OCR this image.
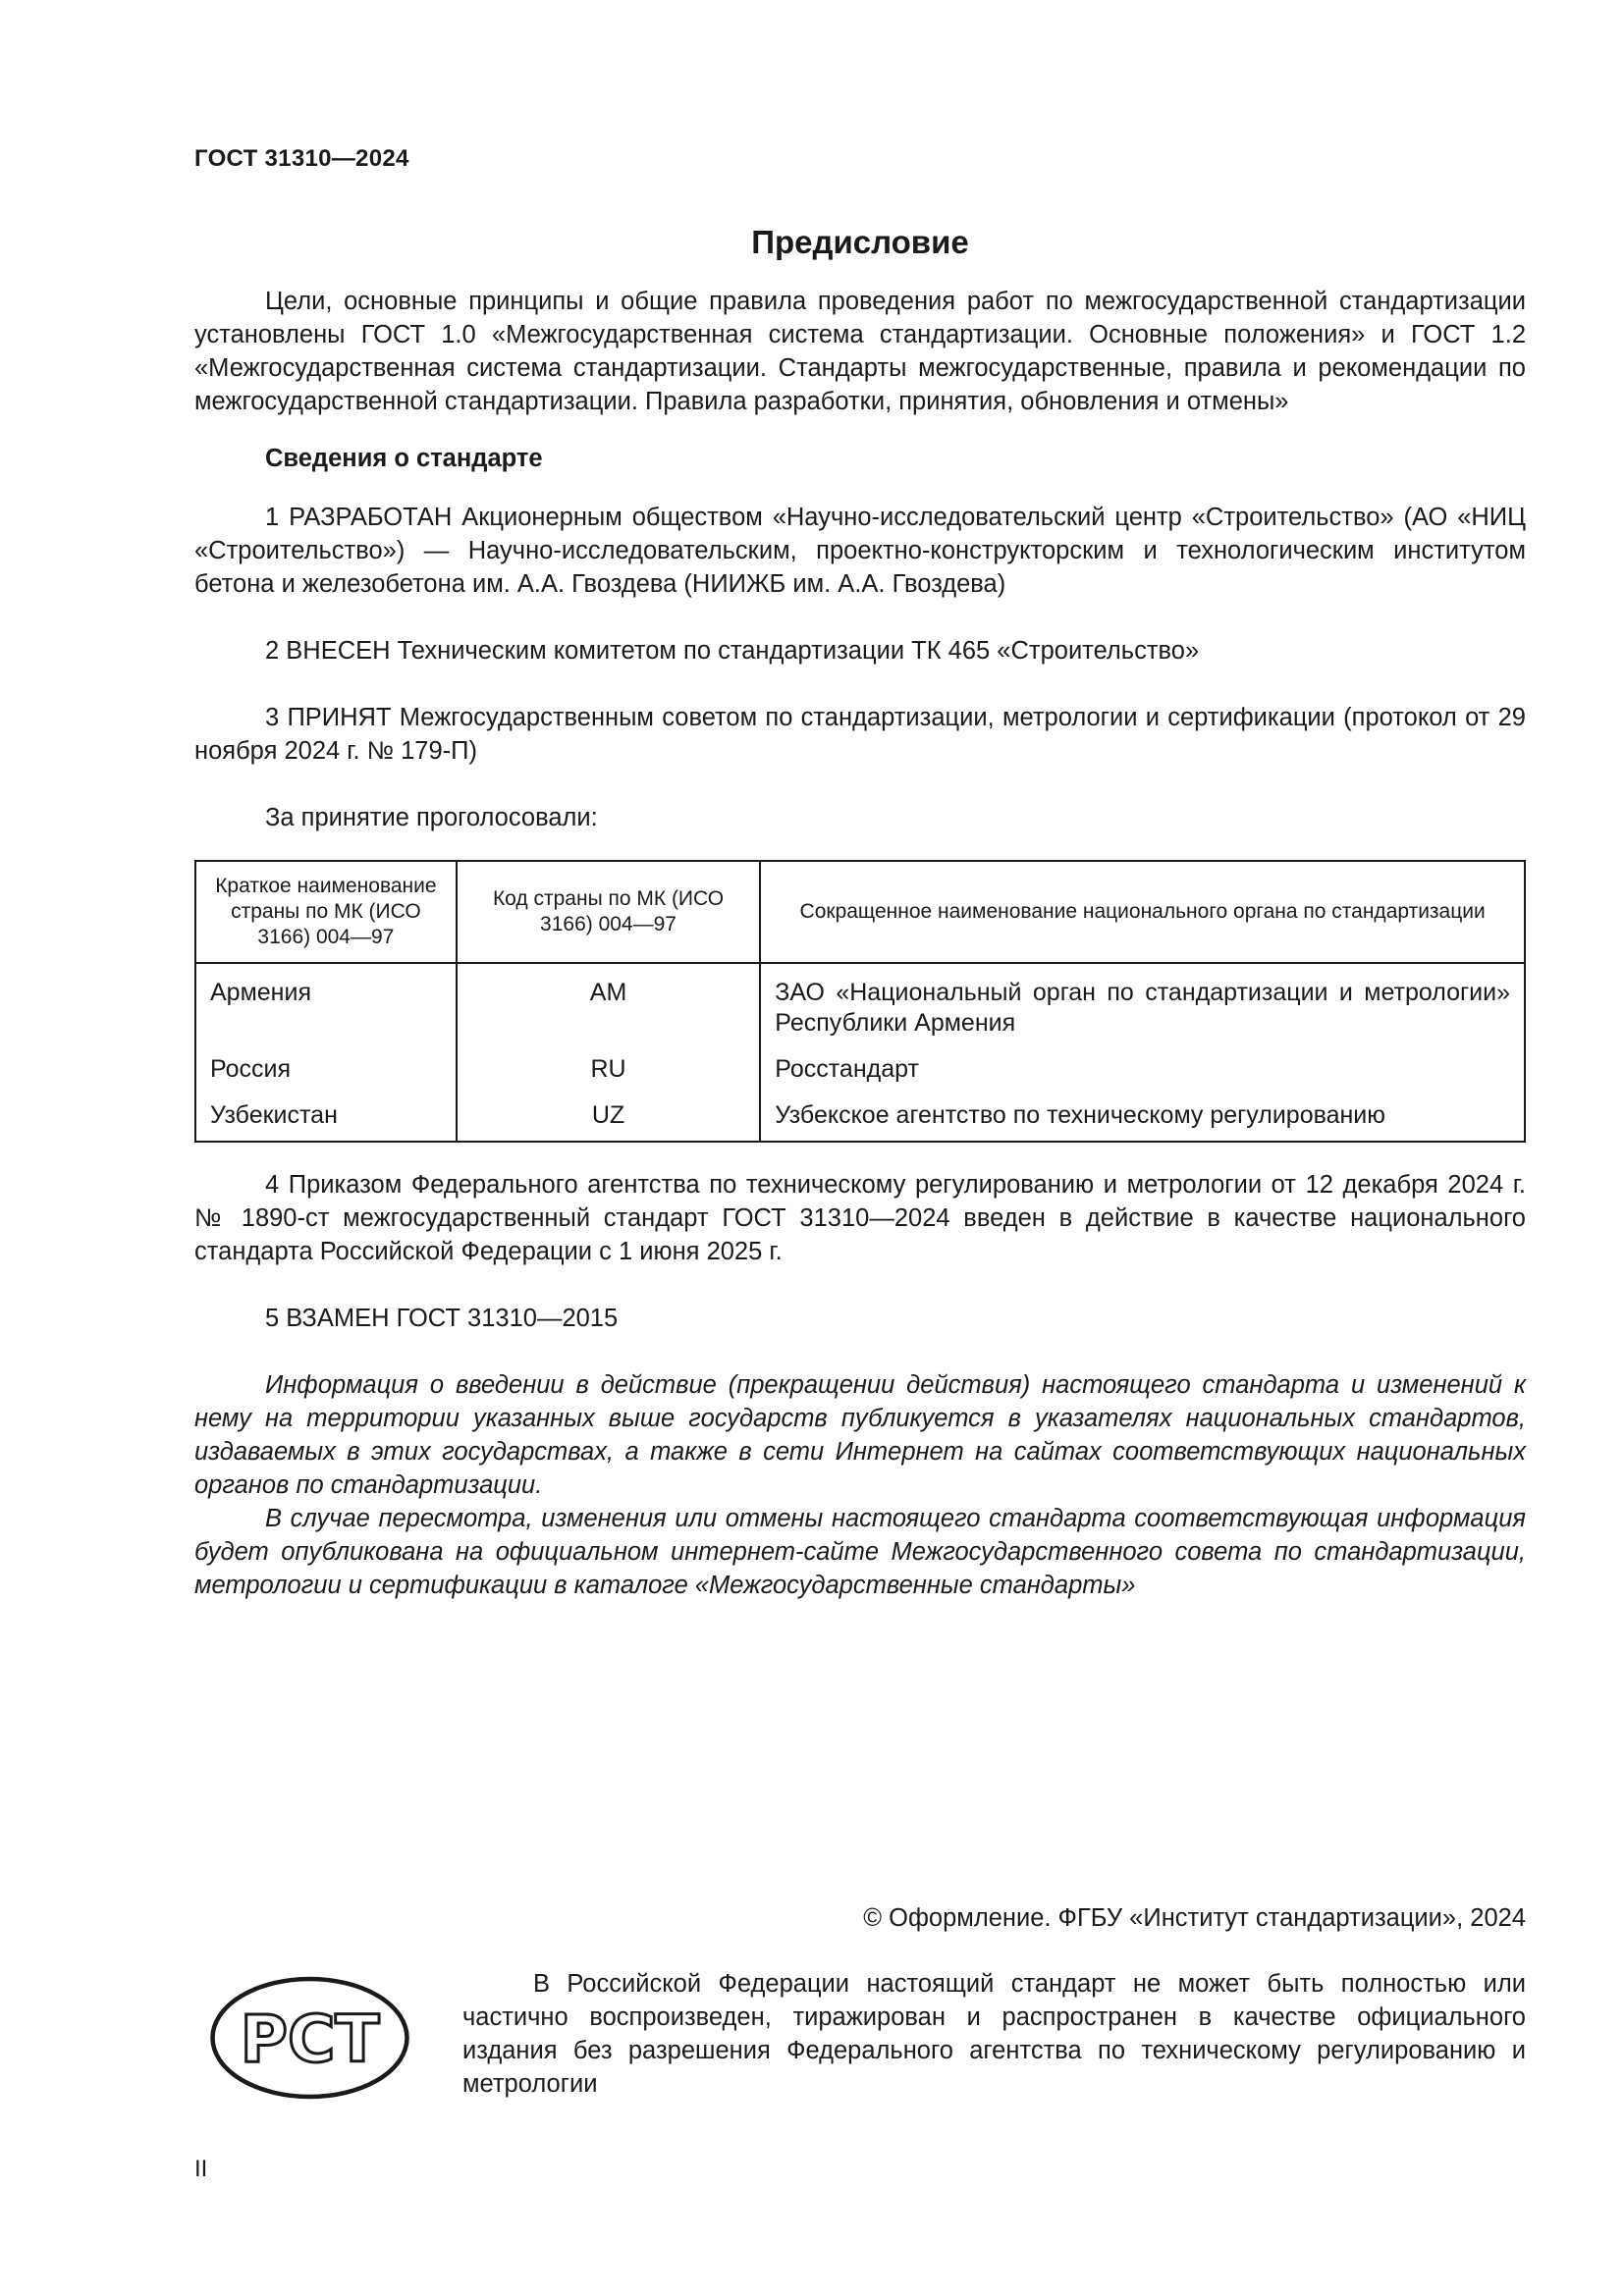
ГОСТ 31310—2024
Предисловие

Цели, основные принципы и общие правила проведения работ по межгосударственной стандартизации установлены ГОСТ 1.0 «Межгосударственная система стандартизации. Основные положения» и ГОСТ 1.2 «Межгосударственная система стандартизации. Стандарты межгосударственные, правила и рекомендации по межгосударственной стандартизации. Правила разработки, принятия, обновления и отмены»

Сведения о стандарте

1 РАЗРАБОТАН Акционерным обществом «Научно-исследовательский центр «Строительство» (АО «НИЦ «Строительство») — Научно-исследовательским, проектно-конструкторским и технологическим институтом бетона и железобетона им. А.А. Гвоздева (НИИЖБ им. А.А. Гвоздева)

2 ВНЕСЕН Техническим комитетом по стандартизации ТК 465 «Строительство»

3 ПРИНЯТ Межгосударственным советом по стандартизации, метрологии и сертификации (протокол от 29 ноября 2024 г. № 179-П)

За принятие проголосовали:

Краткое наименование страны по МК (ИСО 3166) 004—97	Код страны по МК (ИСО 3166) 004—97	Сокращенное наименование национального органа по стандартизации
Армения	AM	ЗАО «Национальный орган по стандартизации и метрологии» Республики Армения
Россия	RU	Росстандарт
Узбекистан	UZ	Узбекское агентство по техническому регулированию

4 Приказом Федерального агентства по техническому регулированию и метрологии от 12 декабря 2024 г. № 1890-ст межгосударственный стандарт ГОСТ 31310—2024 введен в действие в качестве национального стандарта Российской Федерации с 1 июня 2025 г.

5 ВЗАМЕН ГОСТ 31310—2015

Информация о введении в действие (прекращении действия) настоящего стандарта и изменений к нему на территории указанных выше государств публикуется в указателях национальных стандартов, издаваемых в этих государствах, а также в сети Интернет на сайтах соответствующих национальных органов по стандартизации.

В случае пересмотра, изменения или отмены настоящего стандарта соответствующая информация будет опубликована на официальном интернет-сайте Межгосударственного совета по стандартизации, метрологии и сертификации в каталоге «Межгосударственные стандарты»

© Оформление. ФГБУ «Институт стандартизации», 2024
РСТ
В Российской Федерации настоящий стандарт не может быть полностью или частично воспроизведен, тиражирован и распространен в качестве официального издания без разрешения Федерального агентства по техническому регулированию и метрологии
II
